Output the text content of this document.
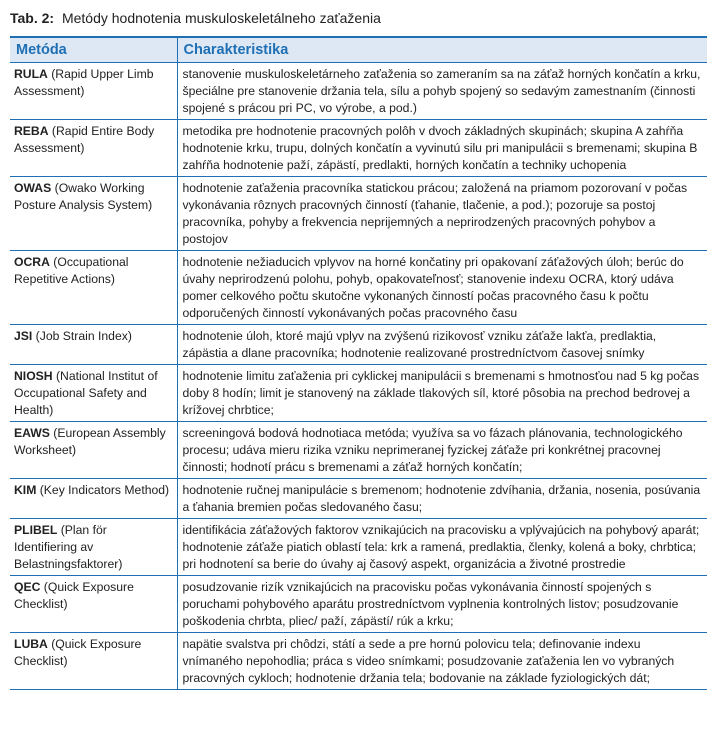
Tab. 2: Metódy hodnotenia muskuloskeletálneho zaťaženia
Metóda	Charakteristika
RULA (Rapid Upper Limb Assessment)	stanovenie muskuloskeletárneho zaťaženia so zameraním sa na záťaž horných končatín a krku, špeciálne pre stanovenie držania tela, sílu a pohyb spojený so sedavým zamestnaním (činnosti spojené s prácou pri PC, vo výrobe, a pod.)
REBA (Rapid Entire Body Assessment)	metodika pre hodnotenie pracovných polôh v dvoch základných skupinách; skupina A zahŕňa hodnotenie krku, trupu, dolných končatín a vyvinutú silu pri manipulácii s bremenami; skupina B zahŕňa hodnotenie paží, zápästí, predlakti, horných končatín a techniky uchopenia
OWAS (Owako Working Posture Analysis System)	hodnotenie zaťaženia pracovníka statickou prácou; založená na priamom pozorovaní v počas vykonávania rôznych pracovných činností (ťahanie, tlačenie, a pod.); pozoruje sa postoj pracovníka, pohyby a frekvencia neprijemných a neprirodzených pracovných pohybov a postojov
OCRA (Occupational Repetitive Actions)	hodnotenie nežiaducich vplyvov na horné končatiny pri opakovaní záťažových úloh; berúc do úvahy neprirodzenú polohu, pohyb, opakovateľnosť; stanovenie indexu OCRA, ktorý udáva pomer celkového počtu skutočne vykonaných činností počas pracovného času k počtu odporučených činností vykonávaných počas pracovného času
JSI (Job Strain Index)	hodnotenie úloh, ktoré majú vplyv na zvýšenú rizikovosť vzniku záťaže lakťa, predlaktia, zápästia a dlane pracovníka; hodnotenie realizované prostredníctvom časovej snímky
NIOSH (National Institut of Occupational Safety and Health)	hodnotenie limitu zaťaženia pri cyklickej manipulácii s bremenami s hmotnosťou nad 5 kg počas doby 8 hodín; limit je stanovený na základe tlakových síl, ktoré pôsobia na prechod bedrovej a krížovej chrbtice;
EAWS (European Assembly Worksheet)	screeningová bodová hodnotiaca metóda; využíva sa vo fázach plánovania, technologického procesu; udáva mieru rizika vzniku neprimeranej fyzickej záťaže pri konkrétnej pracovnej činnosti; hodnotí prácu s bremenami a záťaž horných končatín;
KIM (Key Indicators Method)	hodnotenie ručnej manipulácie s bremenom; hodnotenie zdvíhania, držania, nosenia, posúvania a ťahania bremien počas sledovaného času;
PLIBEL (Plan för Identifiering av Belastningsfaktorer)	identifikácia záťažových faktorov vznikajúcich na pracovisku a vplývajúcich na pohybový aparát; hodnotenie záťaže piatich oblastí tela: krk a ramená, predlaktia, členky, kolená a boky, chrbtica; pri hodnotení sa berie do úvahy aj časový aspekt, organizácia a životné prostredie
QEC (Quick Exposure Checklist)	posudzovanie rizík vznikajúcich na pracovisku počas vykonávania činností spojených s poruchami pohybového aparátu prostredníctvom vyplnenia kontrolných listov; posudzovanie poškodenia chrbta, pliec/ paží, zápästí/ rúk a krku;
LUBA (Quick Exposure Checklist)	napätie svalstva pri chôdzi, státí a sede a pre hornú polovicu tela; definovanie indexu vnímaného nepohodlia; práca s video snímkami; posudzovanie zaťaženia len vo vybraných pracovných cykloch; hodnotenie držania tela; bodovanie na základe fyziologických dát;
